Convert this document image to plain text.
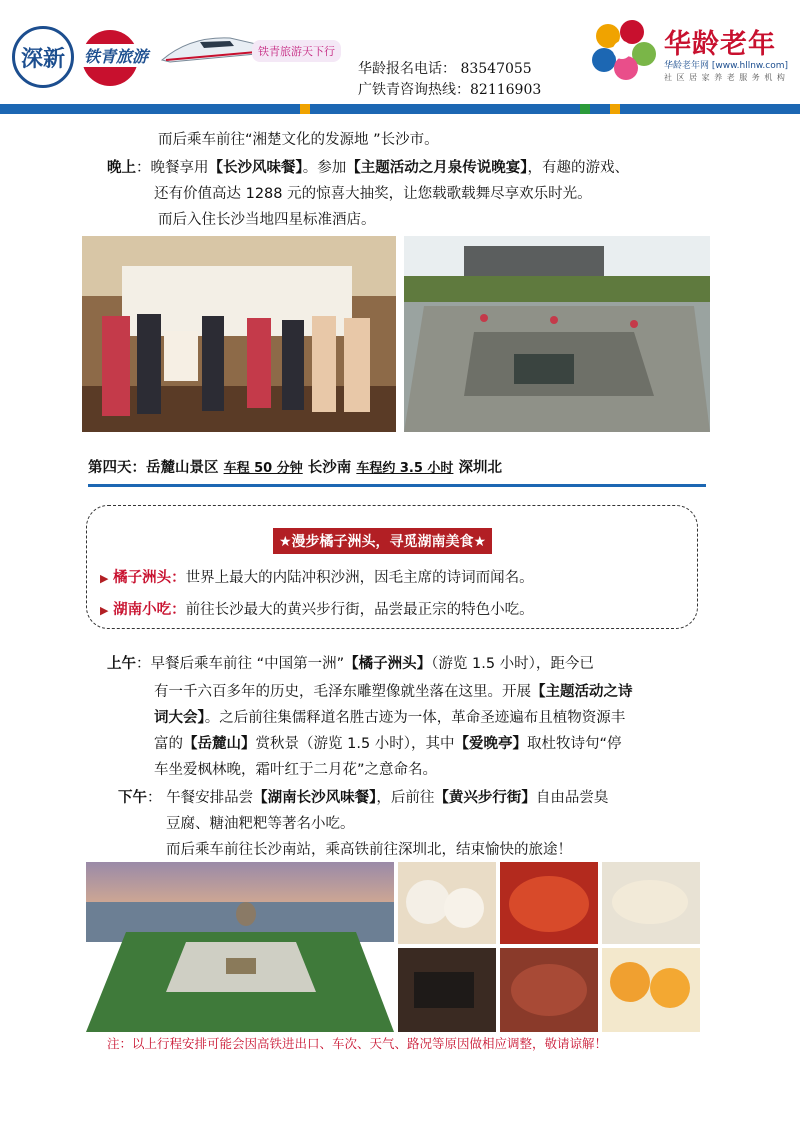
深新	铁青旅游	铁青旅游天下行
华龄报名电话： 83547055
广铁青咨询热线：82116903
华龄老年
华龄老年网 [www.hllnw.com]
社 区 居 家 养 老 服 务 机 构
而后乘车前往“湘楚文化的发源地 ”长沙市。
晚上：晚餐享用【长沙风味餐】。参加【主题活动之月泉传说晚宴】，有趣的游戏、
还有价值高达 1288 元的惊喜大抽奖，让您载歌载舞尽享欢乐时光。
而后入住长沙当地四星标准酒店。
第四天：岳麓山景区 车程 50 分钟 长沙南 车程约 3.5 小时 深圳北
★漫步橘子洲头，寻觅湖南美食★
▶ 橘子洲头：世界上最大的内陆冲积沙洲，因毛主席的诗词而闻名。
▶ 湖南小吃：前往长沙最大的黄兴步行街，品尝最正宗的特色小吃。
上午：早餐后乘车前往 “中国第一洲”【橘子洲头】（游览 1.5 小时），距今已
有一千六百多年的历史，毛泽东雕塑像就坐落在这里。开展【主题活动之诗
词大会】。之后前往集儒释道名胜古迹为一体，革命圣迹遍布且植物资源丰
富的【岳麓山】赏秋景（游览 1.5 小时），其中【爱晚亭】取杜牧诗句“停
车坐爱枫林晚，霜叶红于二月花”之意命名。
下午： 午餐安排品尝【湖南长沙风味餐】，后前往【黄兴步行街】自由品尝臭
豆腐、糖油粑粑等著名小吃。
而后乘车前往长沙南站，乘高铁前往深圳北，结束愉快的旅途！
注：以上行程安排可能会因高铁进出口、车次、天气、路况等原因做相应调整，敬请谅解！
